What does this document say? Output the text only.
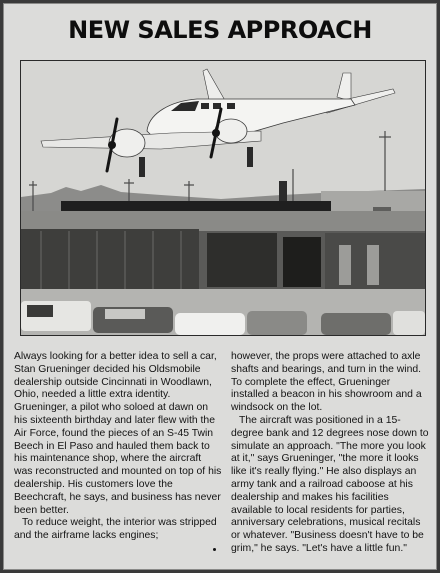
NEW SALES APPROACH

Always looking for a better idea to sell a car, Stan Grueninger decided his Oldsmobile dealership outside Cincinnati in Woodlawn, Ohio, needed a little extra identity. Grueninger, a pilot who soloed at dawn on his sixteenth birthday and later flew with the Air Force, found the pieces of an S-45 Twin Beech in El Paso and hauled them back to his maintenance shop, where the aircraft was reconstructed and mounted on top of his dealership. His customers love the Beechcraft, he says, and business has never been better.

To reduce weight, the interior was stripped and the airframe lacks engines;

however, the props were attached to axle shafts and bearings, and turn in the wind. To complete the effect, Grueninger installed a beacon in his showroom and a windsock on the lot.

The aircraft was positioned in a 15-degree bank and 12 degrees nose down to simulate an approach. "The more you look at it," says Grueninger, "the more it looks like it's really flying." He also displays an army tank and a railroad caboose at his dealership and makes his facilities available to local residents for parties, anniversary celebrations, musical recitals or whatever. "Business doesn't have to be grim," he says. "Let's have a little fun."
